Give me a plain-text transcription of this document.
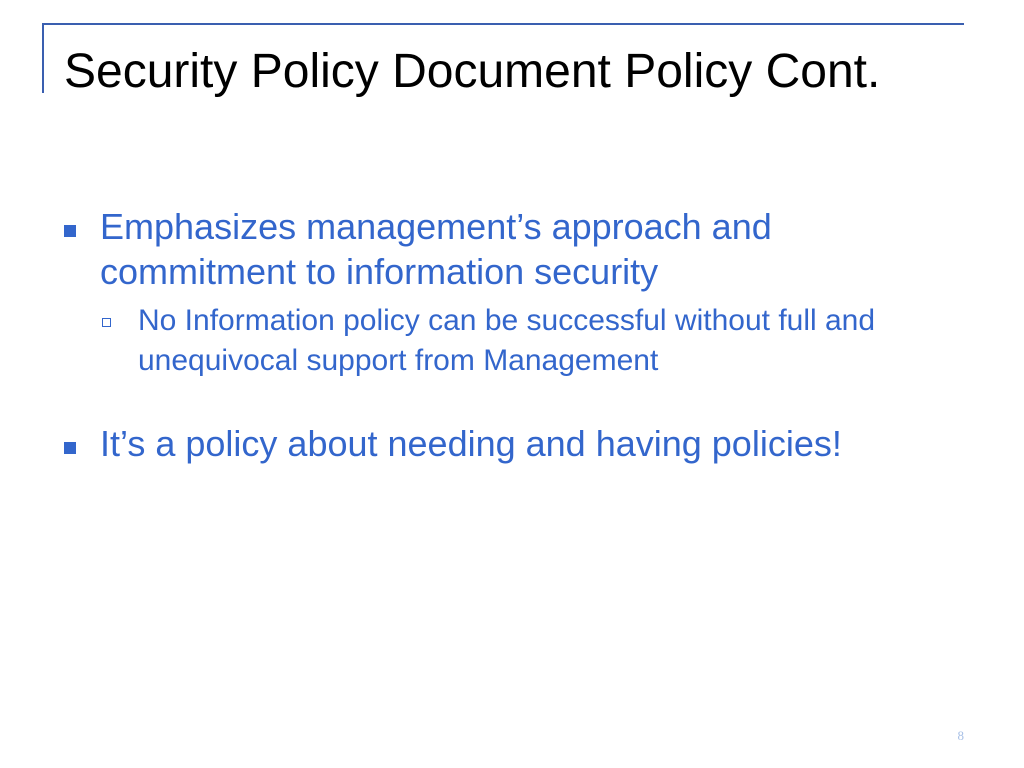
Security Policy Document Policy Cont.
Emphasizes management’s approach and commitment to information security
No Information policy can be successful without full and unequivocal support from Management
It’s a policy about needing and having policies!
8
